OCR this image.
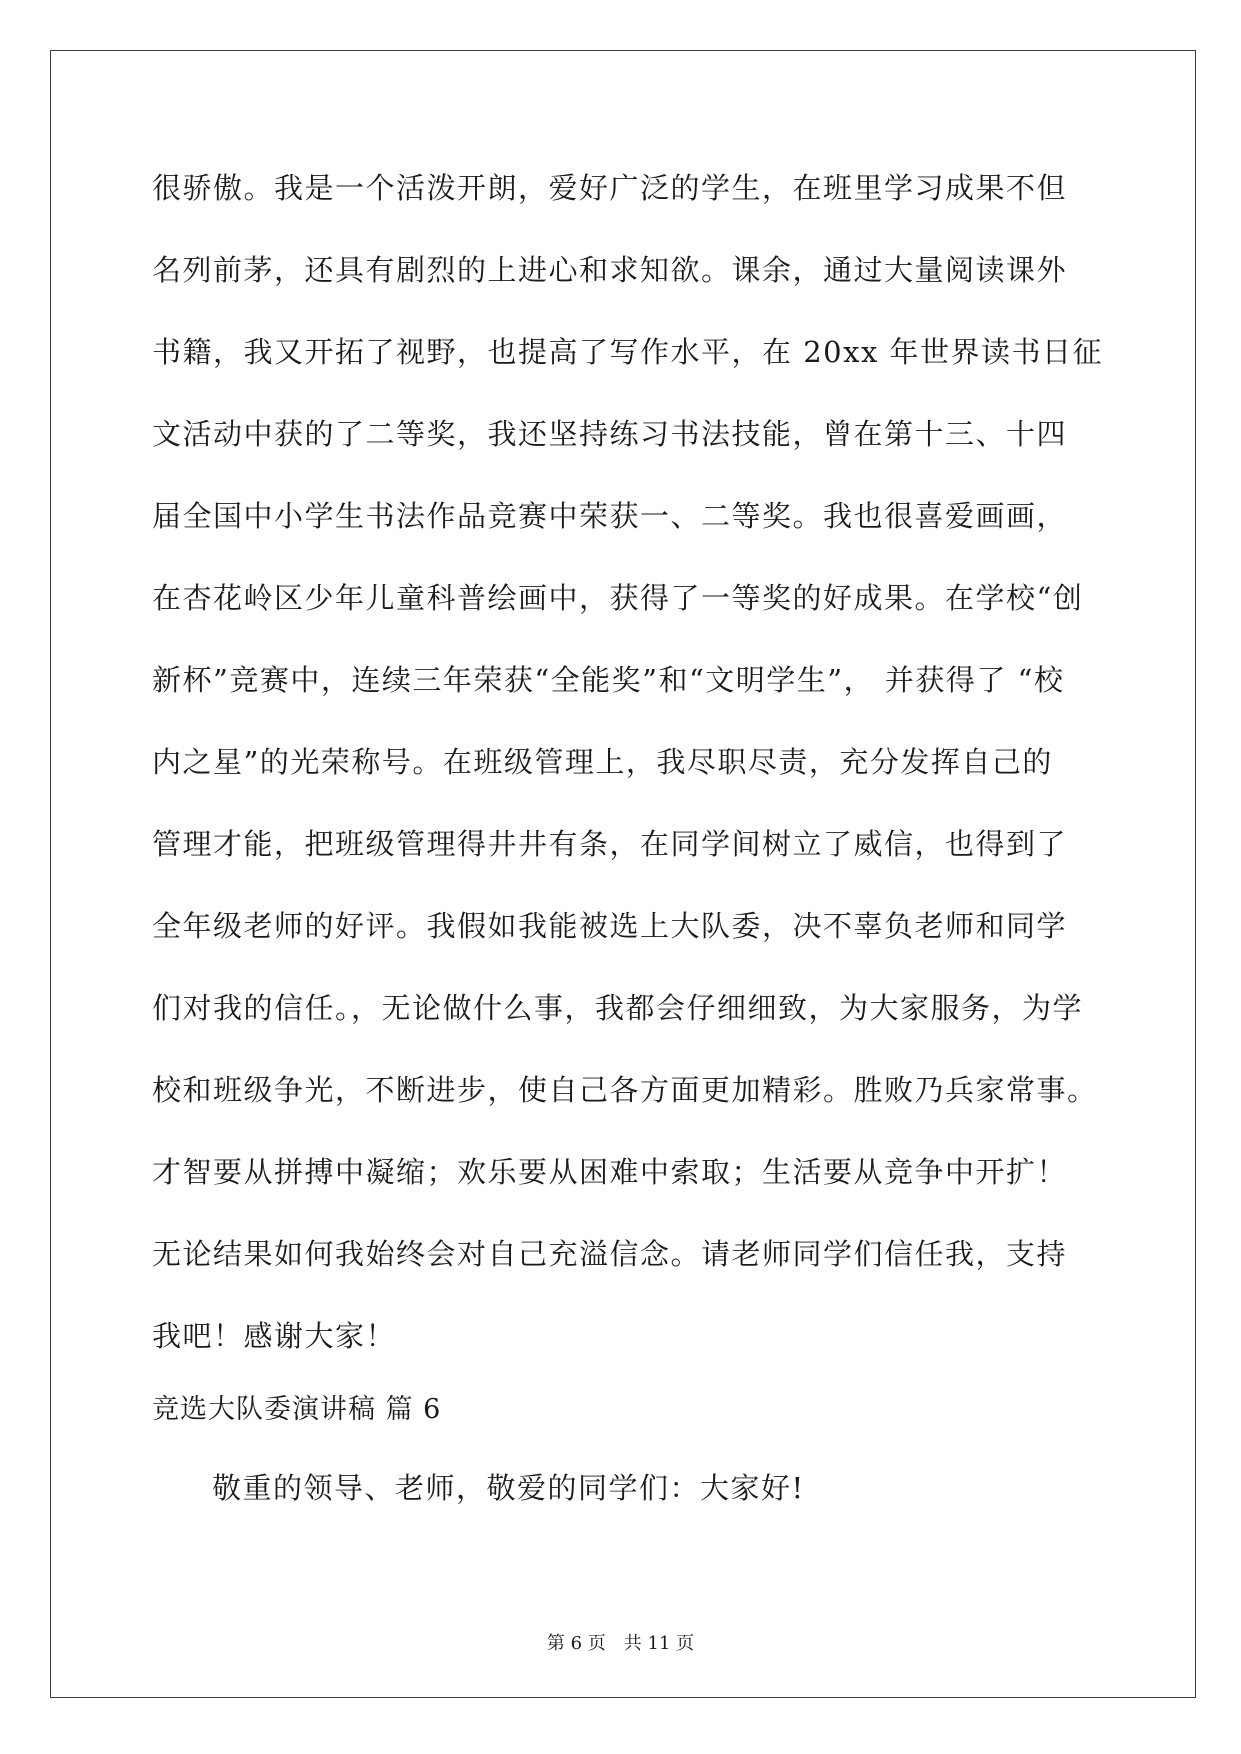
很骄傲。我是一个活泼开朗，爱好广泛的学生，在班里学习成果不但
名列前茅，还具有剧烈的上进心和求知欲。课余，通过大量阅读课外
书籍，我又开拓了视野，也提高了写作水平，在 20xx 年世界读书日征
文活动中获的了二等奖，我还坚持练习书法技能，曾在第十三、十四
届全国中小学生书法作品竞赛中荣获一、二等奖。我也很喜爱画画，
在杏花岭区少年儿童科普绘画中，获得了一等奖的好成果。在学校“创
新杯”竞赛中，连续三年荣获“全能奖”和“文明学生”， 并获得了 “校
内之星”的光荣称号。在班级管理上，我尽职尽责，充分发挥自己的
管理才能，把班级管理得井井有条，在同学间树立了威信，也得到了
全年级老师的好评。我假如我能被选上大队委，决不辜负老师和同学
们对我的信任。，无论做什么事，我都会仔细细致，为大家服务，为学
校和班级争光，不断进步，使自己各方面更加精彩。胜败乃兵家常事。
才智要从拼搏中凝缩；欢乐要从困难中索取；生活要从竞争中开扩！
无论结果如何我始终会对自己充溢信念。请老师同学们信任我，支持
我吧！感谢大家！
竞选大队委演讲稿 篇 6
敬重的领导、老师，敬爱的同学们：大家好!
第 6 页　共 11 页
